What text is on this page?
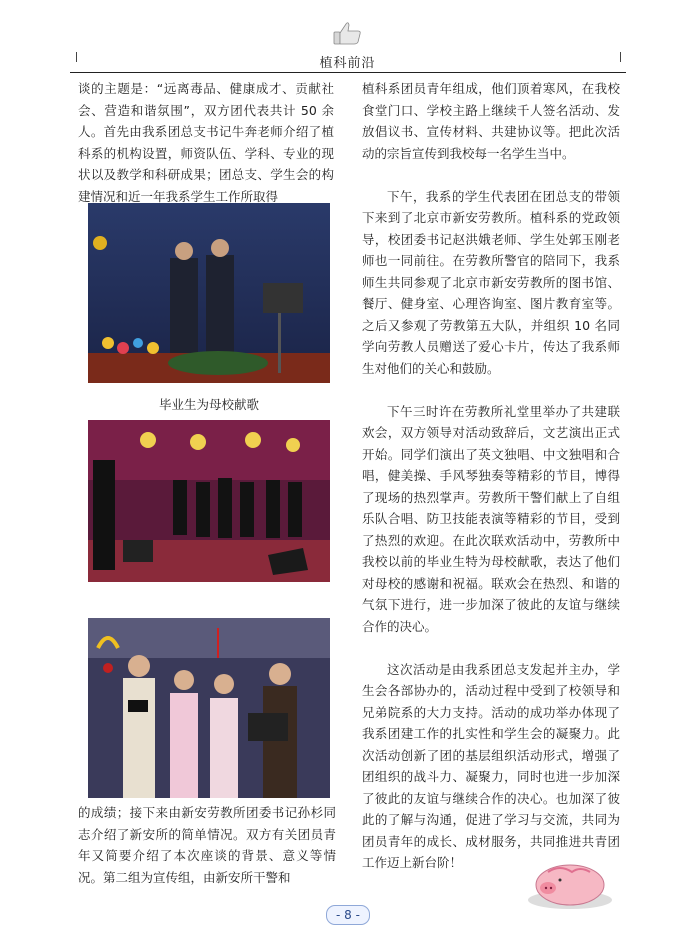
植科前沿

谈的主题是：“远离毒品、健康成才、贡献社会、营造和谐氛围”，双方团代表共计 50 余人。首先由我系团总支书记牛奔老师介绍了植科系的机构设置，师资队伍、学科、专业的现状以及教学和科研成果；团总支、学生会的构建情况和近一年我系学生工作所取得

毕业生为母校献歌

的成绩；接下来由新安劳教所团委书记孙杉同志介绍了新安所的简单情况。双方有关团员青年又简要介绍了本次座谈的背景、意义等情况。第二组为宣传组，由新安所干警和

植科系团员青年组成，他们顶着寒风，在我校食堂门口、学校主路上继续千人签名活动、发放倡议书、宣传材料、共建协议等。把此次活动的宗旨宣传到我校每一名学生当中。

下午，我系的学生代表团在团总支的带领下来到了北京市新安劳教所。植科系的党政领导，校团委书记赵洪娥老师、学生处郭玉刚老师也一同前往。在劳教所警官的陪同下，我系师生共同参观了北京市新安劳教所的图书馆、餐厅、健身室、心理咨询室、图片教育室等。之后又参观了劳教第五大队，并组织 10 名同学向劳教人员赠送了爱心卡片，传达了我系师生对他们的关心和鼓励。

下午三时许在劳教所礼堂里举办了共建联欢会，双方领导对活动致辞后，文艺演出正式开始。同学们演出了英文独唱、中文独唱和合唱，健美操、手风琴独奏等精彩的节目，博得了现场的热烈掌声。劳教所干警们献上了自组乐队合唱、防卫技能表演等精彩的节目，受到了热烈的欢迎。在此次联欢活动中，劳教所中我校以前的毕业生特为母校献歌，表达了他们对母校的感谢和祝福。联欢会在热烈、和谐的气氛下进行，进一步加深了彼此的友谊与继续合作的决心。

这次活动是由我系团总支发起并主办，学生会各部协办的，活动过程中受到了校领导和兄弟院系的大力支持。活动的成功举办体现了我系团建工作的扎实性和学生会的凝聚力。此次活动创新了团的基层组织活动形式，增强了团组织的战斗力、凝聚力，同时也进一步加深了彼此的友谊与继续合作的决心。也加深了彼此的了解与沟通，促进了学习与交流，共同为团员青年的成长、成材服务，共同推进共青团工作迈上新台阶！

- 8 -
